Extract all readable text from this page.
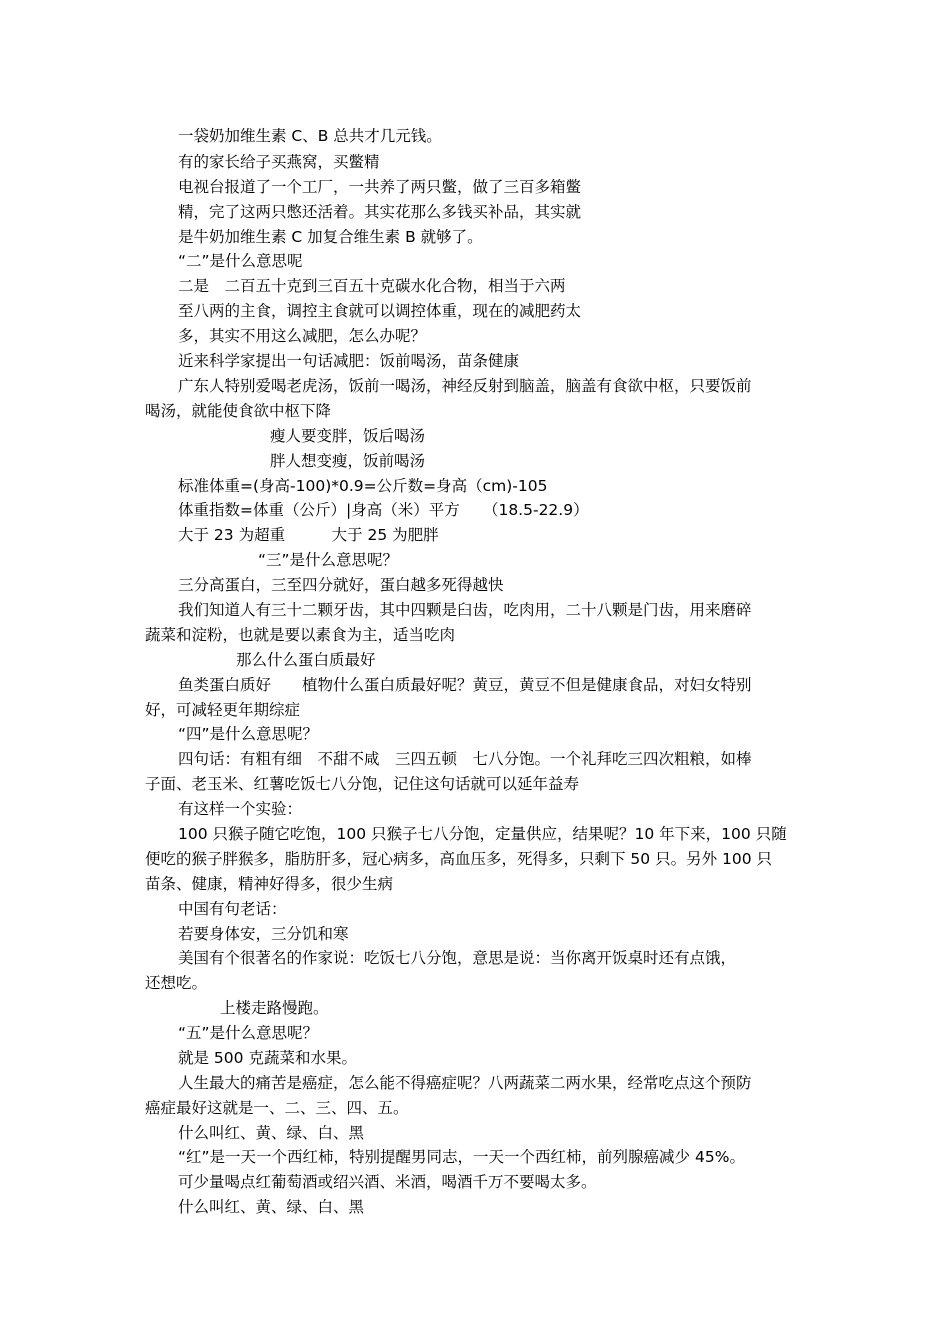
一袋奶加维生素 C、B 总共才几元钱。

有的家长给子买燕窝，买鳖精

电视台报道了一个工厂，一共养了两只鳖，做了三百多箱鳖

精，完了这两只憋还活着。其实花那么多钱买补品，其实就

是牛奶加维生素 C 加复合维生素 B 就够了。

“二”是什么意思呢

二是　二百五十克到三百五十克碳水化合物，相当于六两

至八两的主食，调控主食就可以调控体重，现在的减肥药太

多，其实不用这么减肥，怎么办呢？

近来科学家提出一句话减肥：饭前喝汤，苗条健康

广东人特别爱喝老虎汤，饭前一喝汤，神经反射到脑盖，脑盖有食欲中枢，只要饭前

喝汤，就能使食欲中枢下降

瘦人要变胖，饭后喝汤

胖人想变瘦，饭前喝汤

标准体重=(身高-100)*0.9=公斤数=身高（cm)-105

体重指数=体重（公斤）|身高（米）平方　　（18.5-22.9）

大于 23 为超重　　　大于 25 为肥胖

“三”是什么意思呢？

三分高蛋白，三至四分就好，蛋白越多死得越快

我们知道人有三十二颗牙齿，其中四颗是臼齿，吃肉用，二十八颗是门齿，用来磨碎

蔬菜和淀粉，也就是要以素食为主，适当吃肉

那么什么蛋白质最好

鱼类蛋白质好　　植物什么蛋白质最好呢？黄豆，黄豆不但是健康食品，对妇女特别

好，可减轻更年期综症

“四”是什么意思呢？

四句话：有粗有细　不甜不咸　三四五顿　七八分饱。一个礼拜吃三四次粗粮，如棒

子面、老玉米、红薯吃饭七八分饱，记住这句话就可以延年益寿

有这样一个实验：

100 只猴子随它吃饱，100 只猴子七八分饱，定量供应，结果呢？10 年下来，100 只随

便吃的猴子胖猴多，脂肪肝多，冠心病多，高血压多，死得多，只剩下 50 只。另外 100 只

苗条、健康，精神好得多，很少生病

中国有句老话：

若要身体安，三分饥和寒

美国有个很著名的作家说：吃饭七八分饱，意思是说：当你离开饭桌时还有点饿，

还想吃。

上楼走路慢跑。

“五”是什么意思呢？

就是 500 克蔬菜和水果。

人生最大的痛苦是癌症，怎么能不得癌症呢？八两蔬菜二两水果，经常吃点这个预防

癌症最好这就是一、二、三、四、五。

什么叫红、黄、绿、白、黑

“红”是一天一个西红柿，特别提醒男同志，一天一个西红柿，前列腺癌减少 45%。

可少量喝点红葡萄酒或绍兴酒、米酒，喝酒千万不要喝太多。

什么叫红、黄、绿、白、黑
